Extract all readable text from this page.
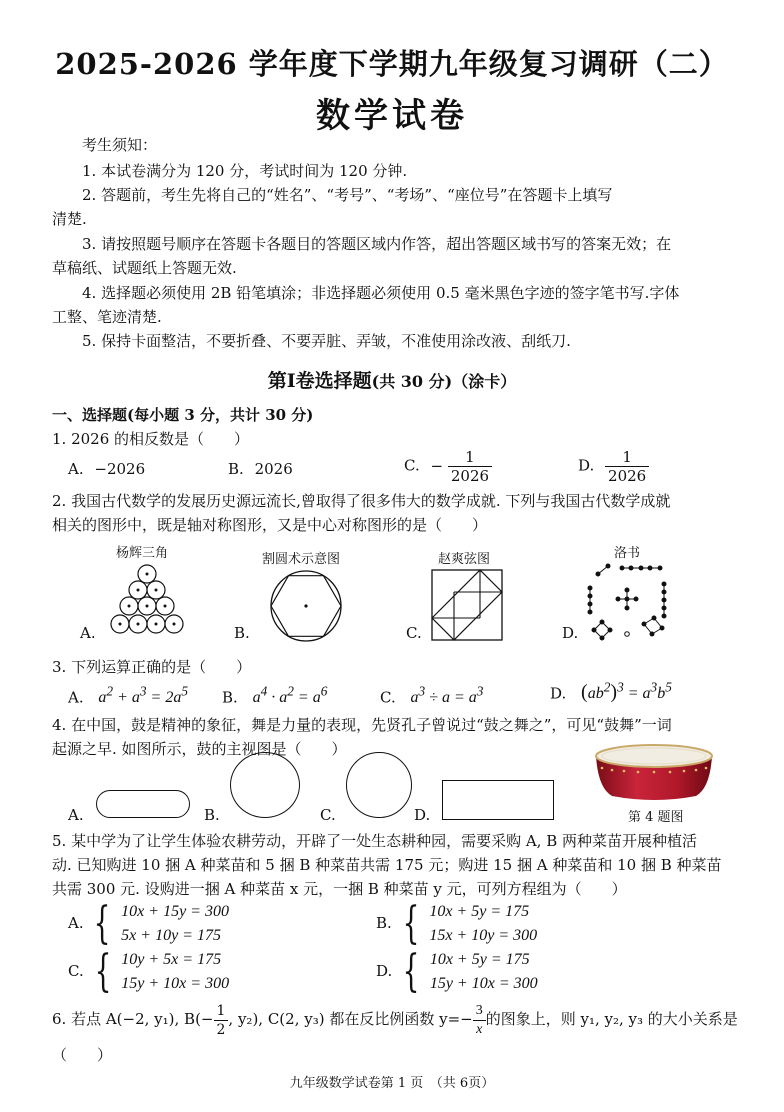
2025-2026 学年度下学期九年级复习调研（二）
数学试卷
考生须知：
1. 本试卷满分为 120 分，考试时间为 120 分钟.
2. 答题前，考生先将自己的“姓名”、“考号”、“考场”、“座位号”在答题卡上填写
清楚.
3. 请按照题号顺序在答题卡各题目的答题区域内作答，超出答题区域书写的答案无效；在
草稿纸、试题纸上答题无效.
4. 选择题必须使用 2B 铅笔填涂；非选择题必须使用 0.5 毫米黑色字迹的签字笔书写.字体
工整、笔迹清楚.
5. 保持卡面整洁，不要折叠、不要弄脏、弄皱，不准使用涂改液、刮纸刀.
第Ⅰ卷选择题(共 30 分)（涂卡）
一、选择题(每小题 3 分，共计 30 分)
1. 2026 的相反数是（　　）
A. −2026	B. 2026	C. − $\frac{1}{2026}$	D. $\frac{1}{2026}$
2. 我国古代数学的发展历史源远流长,曾取得了很多伟大的数学成就. 下列与我国古代数学成就
相关的图形中，既是轴对称图形，又是中心对称图形的是（　　）
杨辉三角	割圆术示意图	赵爽弦图	洛书
A.	B.	C.	D.
3. 下列运算正确的是（　　）
A. $a^2 + a^3 = 2a^5$ B. $a^4 \cdot a^2 = a^6$	C. $a^3 \div a = a^3$	D. $(ab^2)^3 = a^3b^5$
4. 在中国，鼓是精神的象征，舞是力量的表现，先贤孔子曾说过“鼓之舞之”，可见“鼓舞”一词
起源之早. 如图所示，鼓的主视图是（　　）
A.	B.	C.	D.	第 4 题图
5. 某中学为了让学生体验农耕劳动，开辟了一处生态耕种园，需要采购 A, B 两种菜苗开展种植活
动. 已知购进 10 捆 A 种菜苗和 5 捆 B 种菜苗共需 175 元；购进 15 捆 A 种菜苗和 10 捆 B 种菜苗
共需 300 元. 设购进一捆 A 种菜苗 x 元，一捆 B 种菜苗 y 元，可列方程组为（　　）
A. { 10x + 15y = 300
5x + 10y = 175
B. { 10x + 5y = 175
15x + 10y = 300
C. { 10y + 5x = 175
15y + 10x = 300
D. { 10x + 5y = 175
15y + 10x = 300
6. 若点 A(−2, y₁), $B(- \frac{1}{2}$ , y₂), C(2, y₃) 都在反比例函数 $y=- \frac{3}{x}$ 的图象上，则 y₁, y₂, y₃ 的大小关系是
（　　）
九年级数学试卷第 1 页　（共 6页）
